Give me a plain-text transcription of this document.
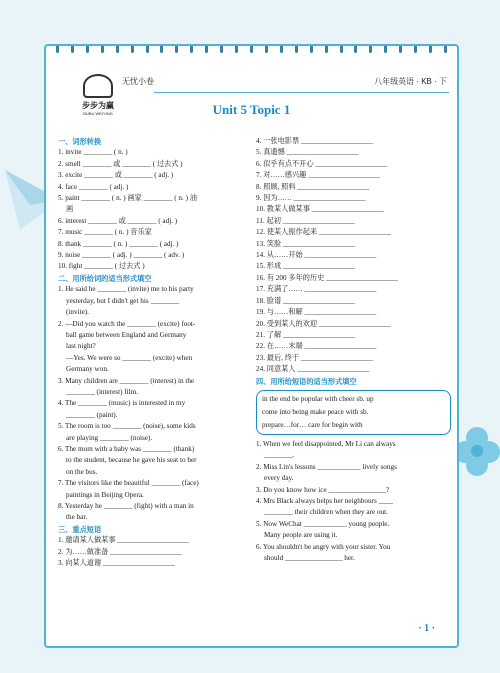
步步为赢
BUBU WEIYING
无忧小卷	八年级英语 · KB · 下
Unit 5 Topic 1
一、词形转换
1. invite ________ ( n. )
2. smell ________ 或 ________ ( 过去式 )
3. excite ________ 或 ________ ( adj. )
4. face ________ ( adj. )
5. paint ________ ( n. ) 画家 ________ ( n. ) 油
画
6. interest ________ 或 ________ ( adj. )
7. music ________ ( n. ) 音乐家
8. thank ________ ( n. ) ________ ( adj. )
9. noise ________ ( adj. ) ________ ( adv. )
10. fight ________ ( 过去式 )
二、用所给词的适当形式填空
1. He said he ________ (invite) me to his party
yesterday, but I didn't get his ________
(invite).
2. —Did you watch the ________ (excite) foot-
ball game between England and Germany
last night?
—Yes. We were so ________ (excite) when
Germany won.
3. Many children are ________ (interest) in the
________ (interest) film.
4. The ________ (music) is interested in my
________ (paint).
5. The room is too ________ (noise), some kids
are playing ________ (noise).
6. The mom with a baby was ________ (thank)
to the student, because he gave his seat to her
on the bus.
7. The visitors like the beautiful ________ (face)
paintings in Beijing Opera.
8. Yesterday he ________ (fight) with a man in
the bar.
三、重点短语
1. 邀请某人做某事 ____________________
2. 为……做准备 ____________________
3. 向某人道谢 ____________________
4. 一张电影票 ____________________
5. 真遗憾 ____________________
6. 似乎有点不开心 ____________________
7. 对……感兴趣 ____________________
8. 照顾, 照料 ____________________
9. 因为…… ____________________
10. 教某人做某事 ____________________
11. 起初 ____________________
12. 使某人振作起来 ____________________
13. 笑脸 ____________________
14. 从……开始 ____________________
15. 形成 ____________________
16. 有 200 多年的历史 ____________________
17. 充满了…… ____________________
18. 脸谱 ____________________
19. 与……和解 ____________________
20. 受到某人的欢迎 ____________________
21. 了解 ____________________
22. 在……末端 ____________________
23. 最后, 终于 ____________________
24. 同意某人 ____________________
四、用所给短语的适当形式填空
in the end be popular with cheer sb. up
come into being make peace with sb.
prepare…for… care for begin with
1. When we feel disappointed, Mr Li can always
________.
2. Miss Lin's lessons ____________ lively songs
every day.
3. Do you know how ice ________________?
4. Mrs Black always helps her neighbours ____
________ their children when they are out.
5. Now WeChat ____________ young people.
Many people are using it.
6. You shouldn't be angry with your sister. You
should ________________ her.
· 1 ·
